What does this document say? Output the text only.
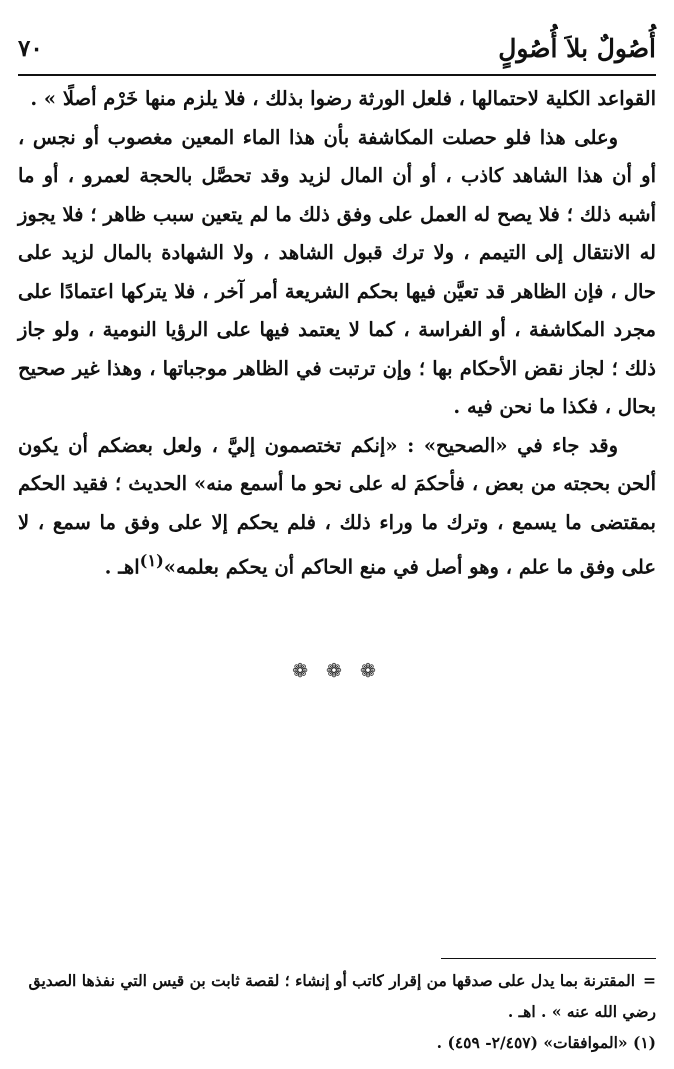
أُصُولٌ بلاَ أُصُولٍ
٧٠

القواعد الكلية لاحتمالها ، فلعل الورثة رضوا بذلك ، فلا يلزم منها خَرْم أصلًا » .

وعلى هذا فلو حصلت المكاشفة بأن هذا الماء المعين مغصوب أو نجس ، أو أن هذا الشاهد كاذب ، أو أن المال لزيد وقد تحصَّل بالحجة لعمرو ، أو ما أشبه ذلك ؛ فلا يصح له العمل على وفق ذلك ما لم يتعين سبب ظاهر ؛ فلا يجوز له الانتقال إلى التيمم ، ولا ترك قبول الشاهد ، ولا الشهادة بالمال لزيد على حال ، فإن الظاهر قد تعيَّن فيها بحكم الشريعة أمر آخر ، فلا يتركها اعتمادًا على مجرد المكاشفة ، أو الفراسة ، كما لا يعتمد فيها على الرؤيا النومية ، ولو جاز ذلك ؛ لجاز نقض الأحكام بها ؛ وإن ترتبت في الظاهر موجباتها ، وهذا غير صحيح بحال ، فكذا ما نحن فيه .

وقد جاء في «الصحيح» : «إنكم تختصمون إليَّ ، ولعل بعضكم أن يكون ألحن بحجته من بعض ، فأحكمَ له على نحو ما أسمع منه» الحديث ؛ فقيد الحكم بمقتضى ما يسمع ، وترك ما وراء ذلك ، فلم يحكم إلا على وفق ما سمع ، لا على وفق ما علم ، وهو أصل في منع الحاكم أن يحكم بعلمه»$^{(١)}$اهـ .

❁ ❁ ❁

=المقترنة بما يدل على صدقها من إقرار كاتب أو إنشاء ؛ لقصة ثابت بن قيس التي نفذها الصديق رضي الله عنه » . اهـ .

(١) «الموافقات» (٢/٤٥٧- ٤٥٩) .
